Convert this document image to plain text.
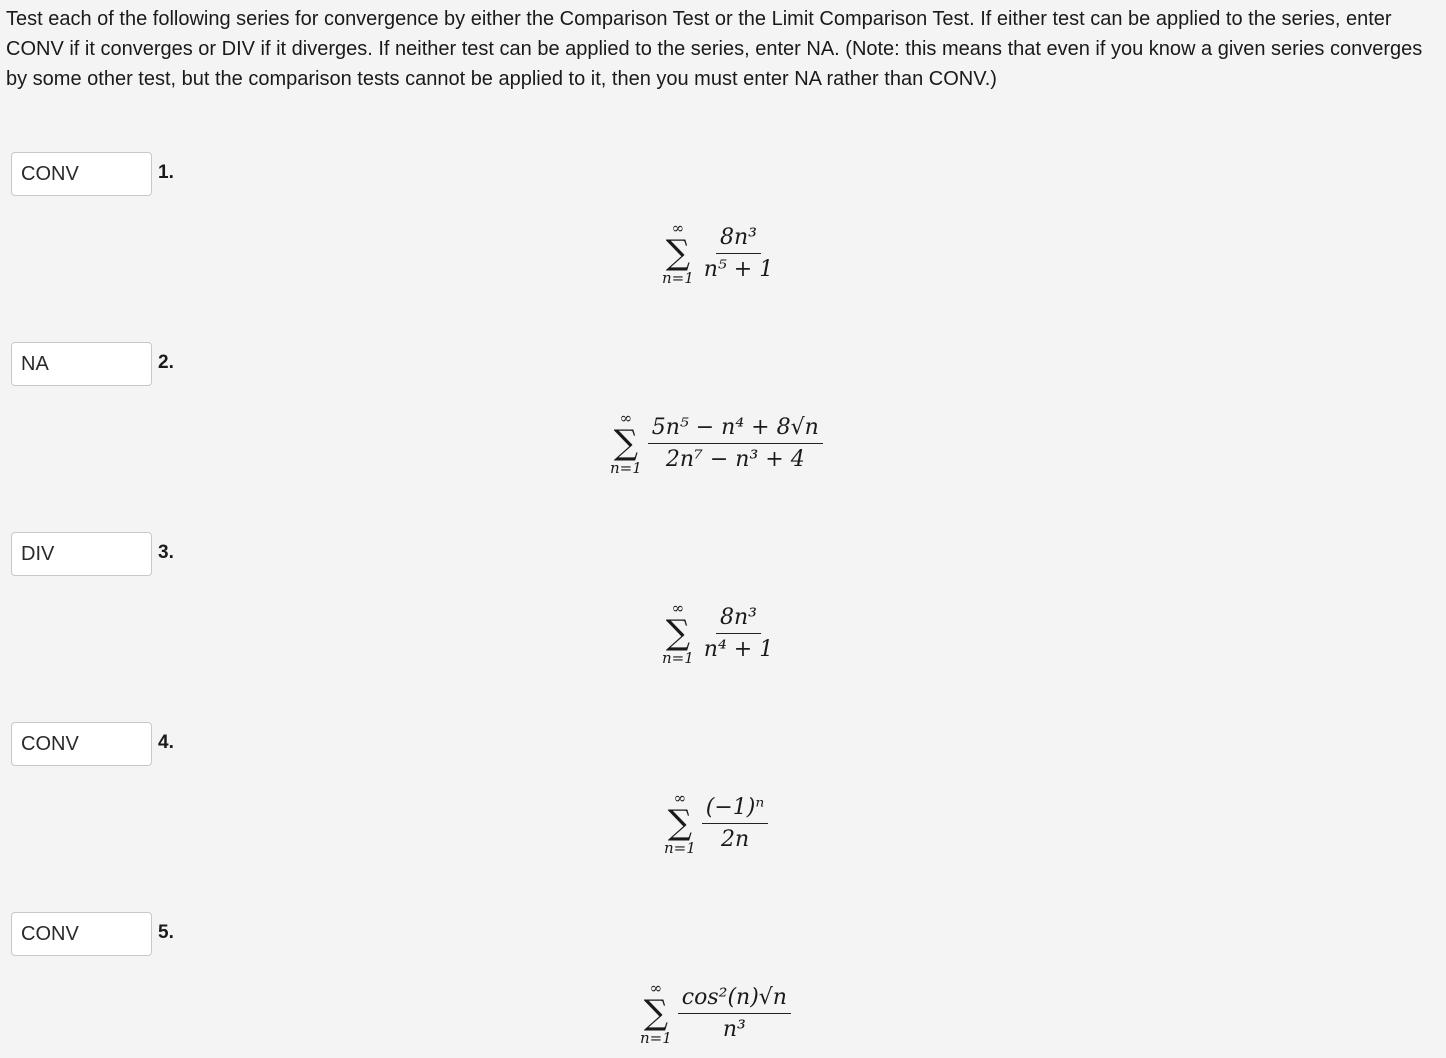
Test each of the following series for convergence by either the Comparison Test or the Limit Comparison Test. If either test can be applied to the series, enter CONV if it converges or DIV if it diverges. If neither test can be applied to the series, enter NA. (Note: this means that even if you know a given series converges by some other test, but the comparison tests cannot be applied to it, then you must enter NA rather than CONV.)

CONV
1.
∞
∑
$n=1 \frac{\text{8n³}}{\text{n⁵ + 1}}$
NA
2.
∞
∑
$n=1 \frac{\text{5n⁵ − n⁴ + 8√n}}{\text{2n⁷ − n³ + 4}}$
DIV
3.
∞
∑
$n=1 \frac{\text{8n³}}{\text{n⁴ + 1}}$
CONV
4.
∞
∑
$n=1 \frac{\text{(−1)ⁿ}}{2n}$
CONV
5.
∞
∑
$n=1 \frac{\text{cos²(n)√n}}{\text{n³}}$
